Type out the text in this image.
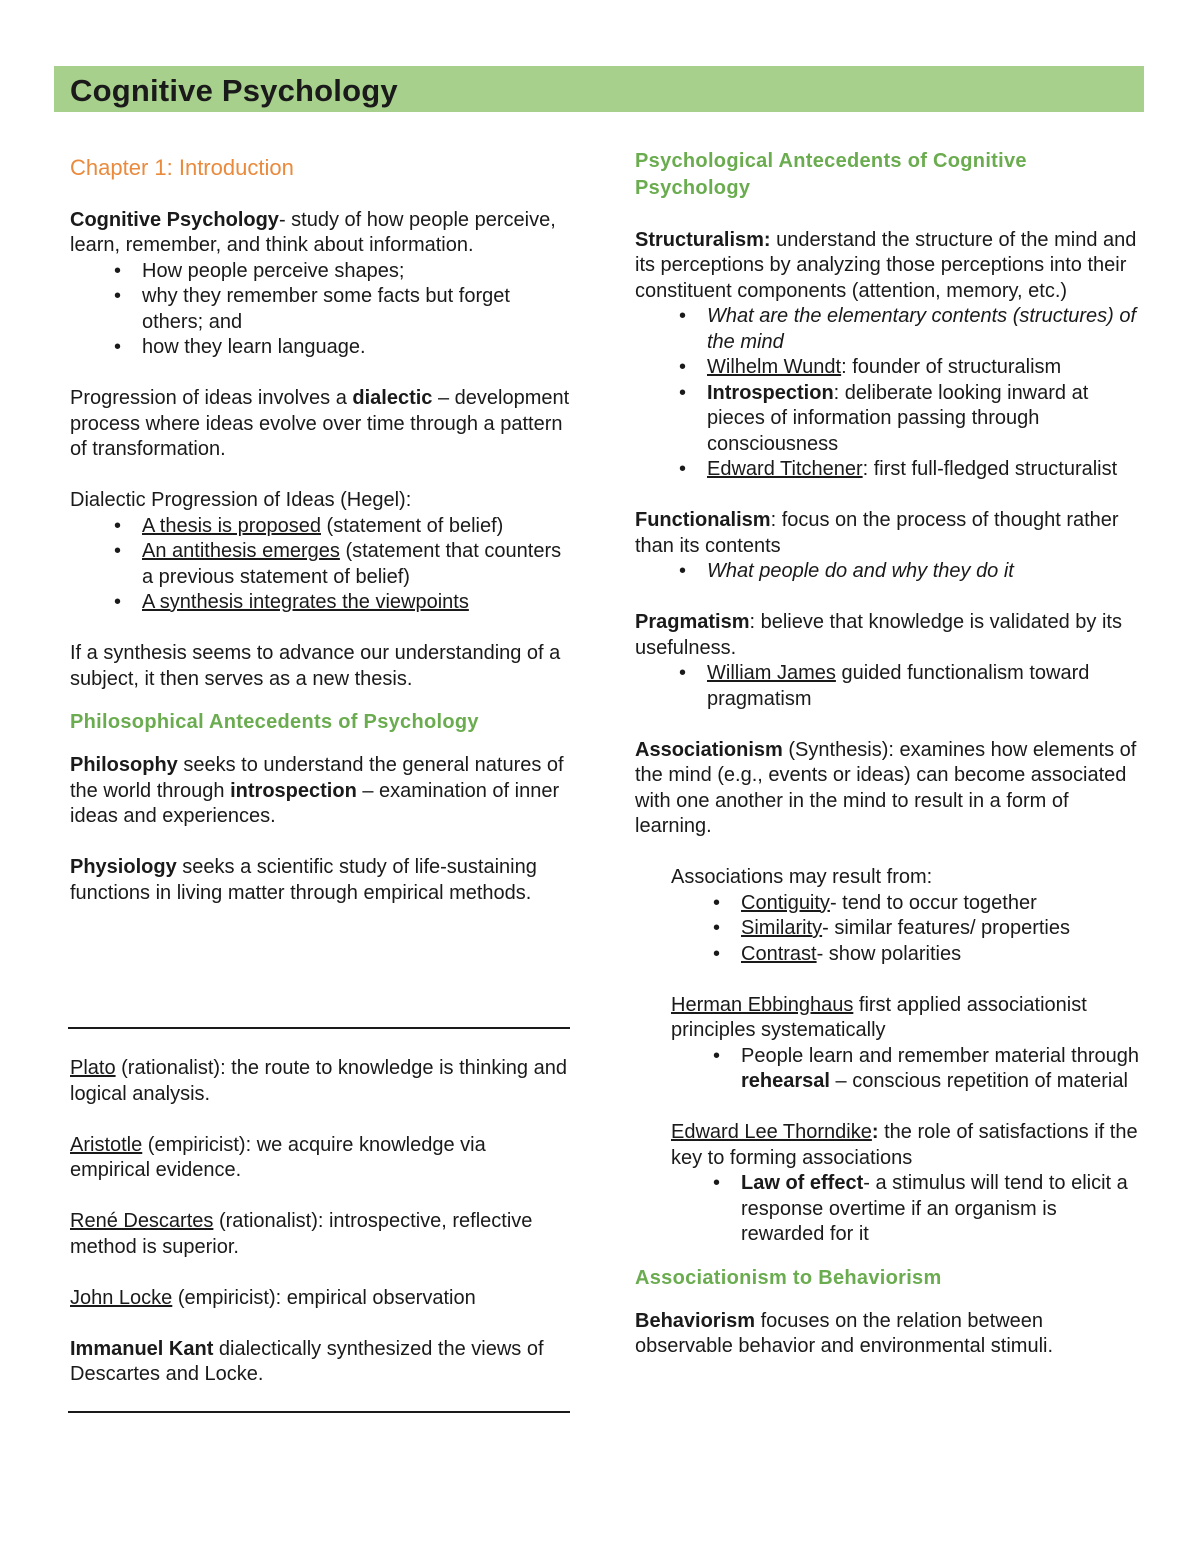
Cognitive Psychology

Chapter 1: Introduction

Cognitive Psychology- study of how people perceive, learn, remember, and think about information.

• How people perceive shapes;
• why they remember some facts but forget others; and
• how they learn language.

Progression of ideas involves a dialectic – development process where ideas evolve over time through a pattern of transformation.

Dialectic Progression of Ideas (Hegel):

• A thesis is proposed (statement of belief)
• An antithesis emerges (statement that counters a previous statement of belief)
• A synthesis integrates the viewpoints

If a synthesis seems to advance our understanding of a subject, it then serves as a new thesis.

Philosophical Antecedents of Psychology

Philosophy seeks to understand the general natures of the world through introspection – examination of inner ideas and experiences.

Physiology seeks a scientific study of life-sustaining functions in living matter through empirical methods.

Plato (rationalist): the route to knowledge is thinking and logical analysis.

Aristotle (empiricist): we acquire knowledge via empirical evidence.

René Descartes (rationalist): introspective, reflective method is superior.

John Locke (empiricist): empirical observation

Immanuel Kant dialectically synthesized the views of Descartes and Locke.

Psychological Antecedents of Cognitive Psychology

Structuralism: understand the structure of the mind and its perceptions by analyzing those perceptions into their constituent components (attention, memory, etc.)

• What are the elementary contents (structures) of the mind
• Wilhelm Wundt: founder of structuralism
• Introspection: deliberate looking inward at pieces of information passing through consciousness
• Edward Titchener: first full-fledged structuralist

Functionalism: focus on the process of thought rather than its contents

• What people do and why they do it

Pragmatism: believe that knowledge is validated by its usefulness.

• William James guided functionalism toward pragmatism

Associationism (Synthesis): examines how elements of the mind (e.g., events or ideas) can become associated with one another in the mind to result in a form of learning.

Associations may result from:

• Contiguity- tend to occur together
• Similarity- similar features/ properties
• Contrast- show polarities

Herman Ebbinghaus first applied associationist principles systematically

• People learn and remember material through rehearsal – conscious repetition of material

Edward Lee Thorndike: the role of satisfactions if the key to forming associations

• Law of effect- a stimulus will tend to elicit a response overtime if an organism is rewarded for it

Associationism to Behaviorism

Behaviorism focuses on the relation between observable behavior and environmental stimuli.
